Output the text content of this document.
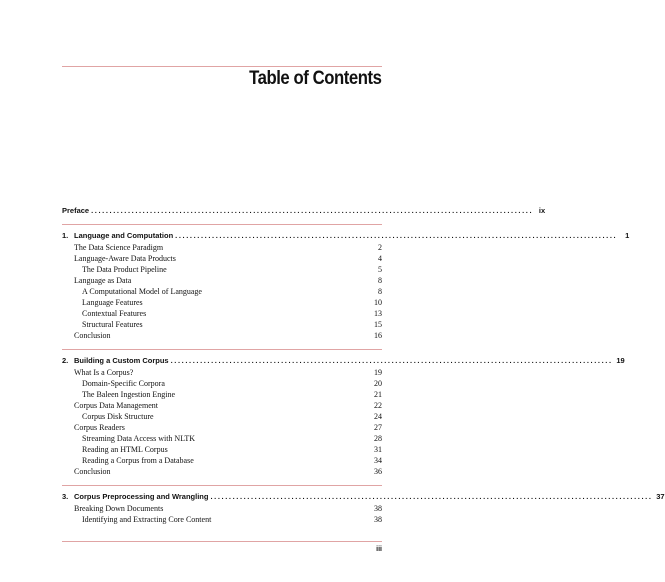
Table of Contents
Preface ........................................................................................................................ ix
1. Language and Computation ........................................................................................................................	1
The Data Science Paradigm	2
Language-Aware Data Products	4
The Data Product Pipeline	5
Language as Data	8
A Computational Model of Language	8
Language Features	10
Contextual Features	13
Structural Features	15
Conclusion	16
2. Building a Custom Corpus ........................................................................................................................ 19
What Is a Corpus?	19
Domain-Specific Corpora	20
The Baleen Ingestion Engine	21
Corpus Data Management	22
Corpus Disk Structure	24
Corpus Readers	27
Streaming Data Access with NLTK	28
Reading an HTML Corpus	31
Reading a Corpus from a Database	34
Conclusion	36
3. Corpus Preprocessing and Wrangling ........................................................................................................................ 37
Breaking Down Documents	38
Identifying and Extracting Core Content	38
iii
